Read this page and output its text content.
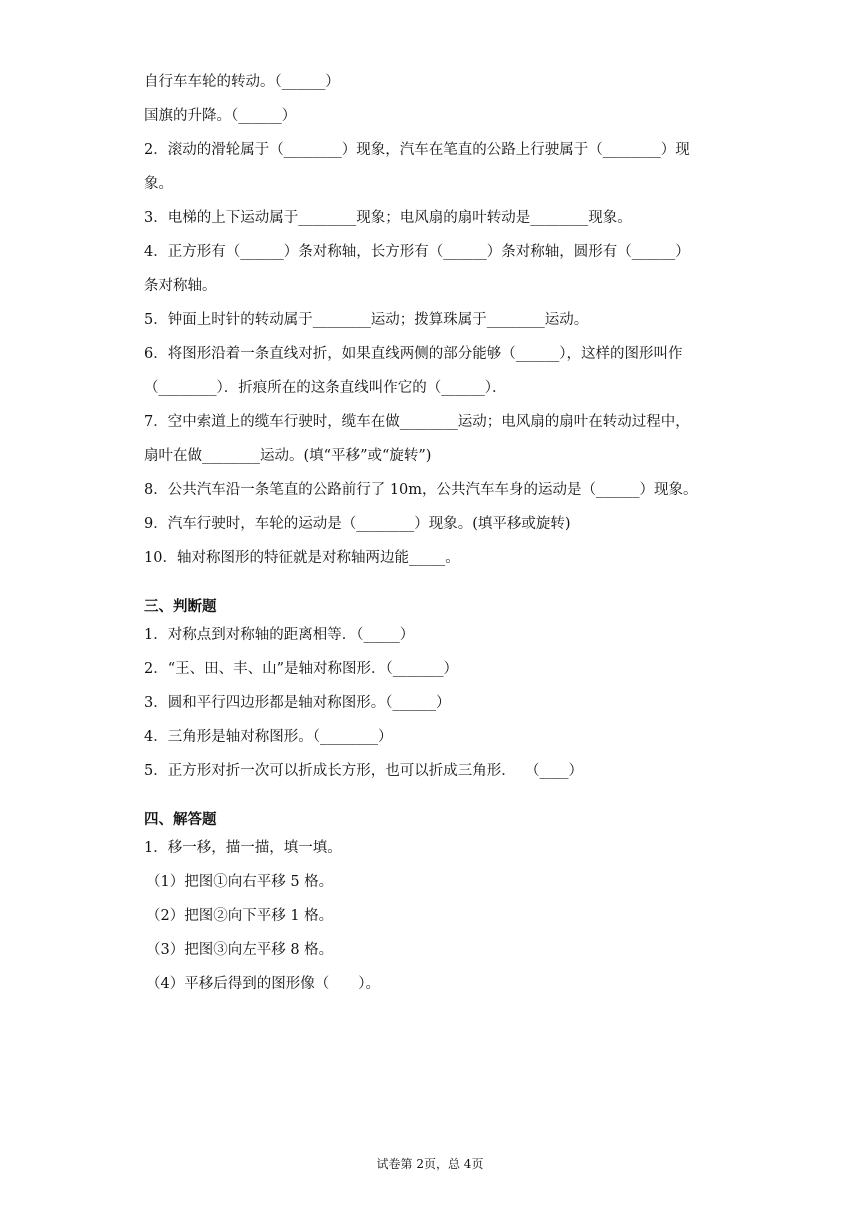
自行车车轮的转动。（______）
国旗的升降。（______）
2．滚动的滑轮属于（________）现象，汽车在笔直的公路上行驶属于（________）现
象。
3．电梯的上下运动属于________现象；电风扇的扇叶转动是________现象。
4．正方形有（______）条对称轴，长方形有（______）条对称轴，圆形有（______）
条对称轴。
5．钟面上时针的转动属于________运动；拨算珠属于________运动。
6．将图形沿着一条直线对折，如果直线两侧的部分能够（______），这样的图形叫作
（________）．折痕所在的这条直线叫作它的（______）．
7．空中索道上的缆车行驶时，缆车在做________运动；电风扇的扇叶在转动过程中，
扇叶在做________运动。(填“平移”或“旋转”)
8．公共汽车沿一条笔直的公路前行了 10m，公共汽车车身的运动是（______）现象。
9．汽车行驶时，车轮的运动是（________）现象。(填平移或旋转)
10．轴对称图形的特征就是对称轴两边能_____。
三、判断题
1．对称点到对称轴的距离相等．（_____）
2．“王、田、丰、山”是轴对称图形．（_______）
3．圆和平行四边形都是轴对称图形。（______）
4．三角形是轴对称图形。（________）
5．正方形对折一次可以折成长方形，也可以折成三角形．  （____）
四、解答题
1．移一移，描一描，填一填。
（1）把图①向右平移 5 格。
（2）把图②向下平移 1 格。
（3）把图③向左平移 8 格。
（4）平移后得到的图形像（　　）。
试卷第 2页，总 4页
